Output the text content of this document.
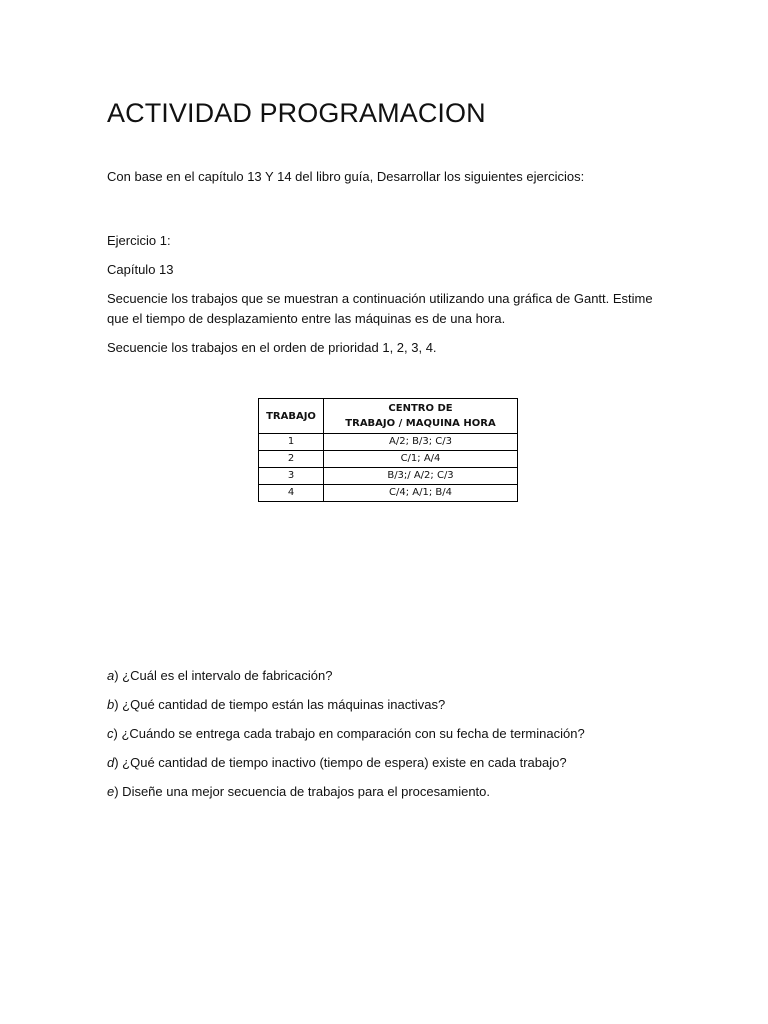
ACTIVIDAD PROGRAMACION

Con base en el capítulo 13 Y 14 del libro guía, Desarrollar los siguientes ejercicios:

Ejercicio 1:

Capítulo 13

Secuencie los trabajos que se muestran a continuación utilizando una gráfica de Gantt. Estime que el tiempo de desplazamiento entre las máquinas es de una hora.

Secuencie los trabajos en el orden de prioridad 1, 2, 3, 4.

TRABAJO	CENTRO DE
TRABAJO / MAQUINA HORA

1	A/2; B/3; C/3
2	C/1; A/4
3	B/3;/ A/2; C/3
4	C/4; A/1; B/4

a) ¿Cuál es el intervalo de fabricación?

b) ¿Qué cantidad de tiempo están las máquinas inactivas?

c) ¿Cuándo se entrega cada trabajo en comparación con su fecha de terminación?

d) ¿Qué cantidad de tiempo inactivo (tiempo de espera) existe en cada trabajo?

e) Diseñe una mejor secuencia de trabajos para el procesamiento.
